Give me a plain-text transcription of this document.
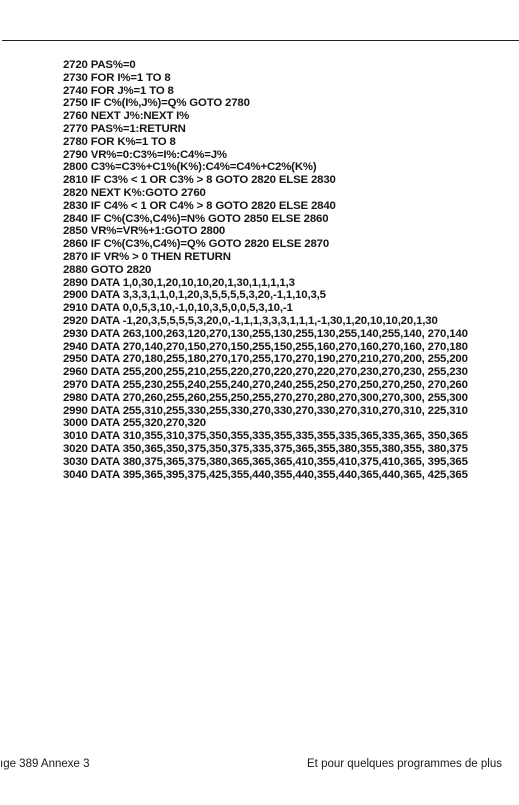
2720 PAS%=0
2730 FOR I%=1 TO 8
2740 FOR J%=1 TO 8
2750 IF C%(I%,J%)=Q% GOTO 2780
2760 NEXT J%:NEXT I%
2770 PAS%=1:RETURN
2780 FOR K%=1 TO 8
2790 VR%=0:C3%=I%:C4%=J%
2800 C3%=C3%+C1%(K%):C4%=C4%+C2%(K%)
2810 IF C3% < 1 OR C3% > 8 GOTO 2820 ELSE 2830
2820 NEXT K%:GOTO 2760
2830 IF C4% < 1 OR C4% > 8 GOTO 2820 ELSE 2840
2840 IF C%(C3%,C4%)=N% GOTO 2850 ELSE 2860
2850 VR%=VR%+1:GOTO 2800
2860 IF C%(C3%,C4%)=Q% GOTO 2820 ELSE 2870
2870 IF VR% > 0 THEN RETURN
2880 GOTO 2820
2890 DATA 1,0,30,1,20,10,10,20,1,30,1,1,1,1,3
2900 DATA 3,3,3,1,1,0,1,20,3,5,5,5,5,3,20,-1,1,10,3,5
2910 DATA 0,0,5,3,10,-1,0,10,3,5,0,0,5,3,10,-1
2920 DATA -1,20,3,5,5,5,5,3,20,0,-1,1,1,3,3,3,1,1,1,-1,30,1,20,10,10,20,1,30
2930 DATA 263,100,263,120,270,130,255,130,255,130,255,140,255,140, 270,140
2940 DATA 270,140,270,150,270,150,255,150,255,160,270,160,270,160, 270,180
2950 DATA 270,180,255,180,270,170,255,170,270,190,270,210,270,200, 255,200
2960 DATA 255,200,255,210,255,220,270,220,270,220,270,230,270,230, 255,230
2970 DATA 255,230,255,240,255,240,270,240,255,250,270,250,270,250, 270,260
2980 DATA 270,260,255,260,255,250,255,270,270,280,270,300,270,300, 255,300
2990 DATA 255,310,255,330,255,330,270,330,270,330,270,310,270,310, 225,310
3000 DATA 255,320,270,320
3010 DATA 310,355,310,375,350,355,335,355,335,355,335,365,335,365, 350,365
3020 DATA 350,365,350,375,350,375,335,375,365,355,380,355,380,355, 380,375
3030 DATA 380,375,365,375,380,365,365,365,410,355,410,375,410,365, 395,365
3040 DATA 395,365,395,375,425,355,440,355,440,355,440,365,440,365, 425,365
ıge 389 Annexe 3	Et pour quelques programmes de plus
